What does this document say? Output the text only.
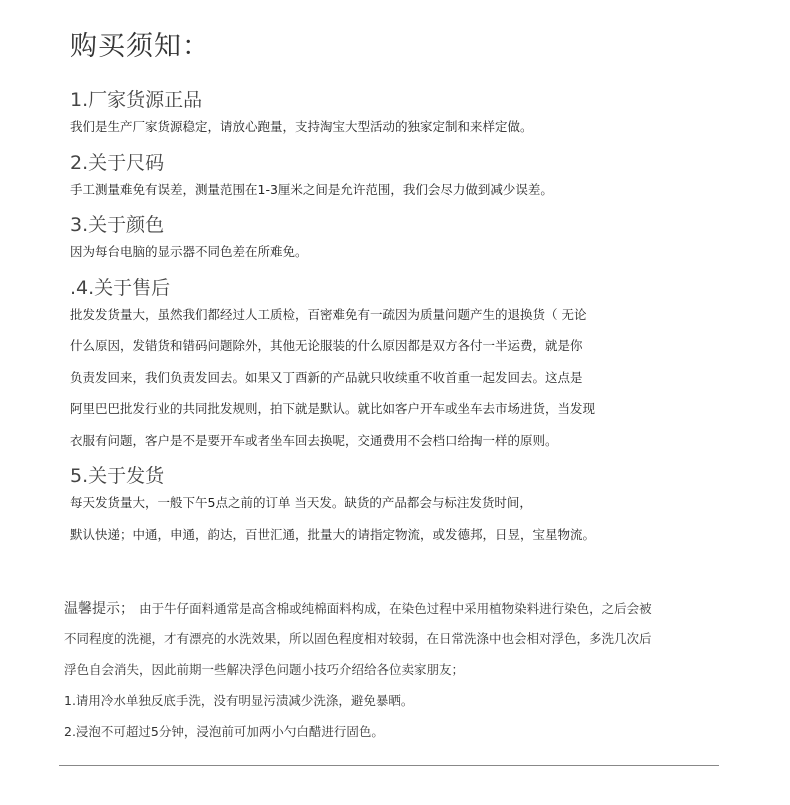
购买须知：
1.厂家货源正品
我们是生产厂家货源稳定，请放心跑量，支持淘宝大型活动的独家定制和来样定做。
2.关于尺码
手工测量难免有误差，测量范围在1-3厘米之间是允许范围，我们会尽力做到减少误差。
3.关于颜色
因为每台电脑的显示器不同色差在所难免。
.4.关于售后
批发发货量大，虽然我们都经过人工质检，百密难免有一疏因为质量问题产生的退换货（ 无论
什么原因，发错货和错码问题除外，其他无论服装的什么原因都是双方各付一半运费，就是你
负责发回来，我们负责发回去。如果又丁酉新的产品就只收续重不收首重一起发回去。这点是
阿里巴巴批发行业的共同批发规则，拍下就是默认。就比如客户开车或坐车去市场进货，当发现
衣服有问题，客户是不是要开车或者坐车回去换呢，交通费用不会档口给掏一样的原则。
5.关于发货
每天发货量大，一般下午5点之前的订单 当天发。缺货的产品都会与标注发货时间，
默认快递；中通，申通，韵达，百世汇通，批量大的请指定物流，或发德邦，日昱，宝星物流。
温馨提示； 由于牛仔面料通常是高含棉或纯棉面料构成，在染色过程中采用植物染料进行染色，之后会被
不同程度的洗褪，才有漂亮的水洗效果，所以固色程度相对较弱，在日常洗涤中也会相对浮色，多洗几次后
浮色自会消失，因此前期一些解决浮色问题小技巧介绍给各位卖家朋友；
1.请用冷水单独反底手洗，没有明显污渍减少洗涤，避免暴晒。
2.浸泡不可超过5分钟，浸泡前可加两小勺白醋进行固色。
